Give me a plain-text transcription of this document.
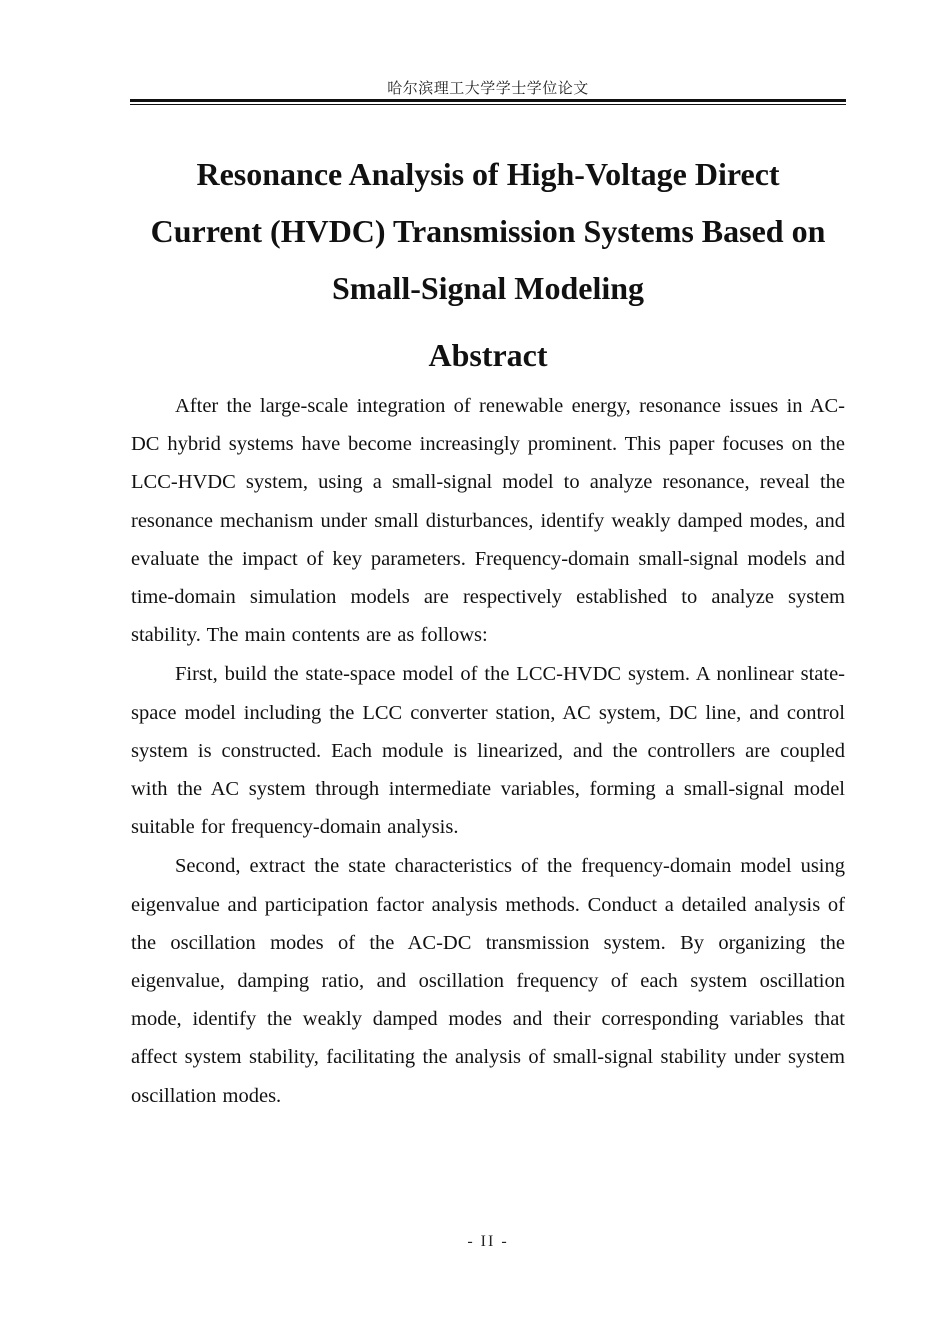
哈尔滨理工大学学士学位论文
Resonance Analysis of High-Voltage Direct
Current (HVDC) Transmission Systems Based on
Small-Signal Modeling
Abstract

After the large-scale integration of renewable energy, resonance issues in AC-DC hybrid systems have become increasingly prominent. This paper focuses on the LCC-HVDC system, using a small-signal model to analyze resonance, reveal the resonance mechanism under small disturbances, identify weakly damped modes, and evaluate the impact of key parameters. Frequency-domain small-signal models and time-domain simulation models are respectively established to analyze system stability. The main contents are as follows:

First, build the state-space model of the LCC-HVDC system. A nonlinear state-space model including the LCC converter station, AC system, DC line, and control system is constructed. Each module is linearized, and the controllers are coupled with the AC system through intermediate variables, forming a small-signal model suitable for frequency-domain analysis.

Second, extract the state characteristics of the frequency-domain model using eigenvalue and participation factor analysis methods. Conduct a detailed analysis of the oscillation modes of the AC-DC transmission system. By organizing the eigenvalue, damping ratio, and oscillation frequency of each system oscillation mode, identify the weakly damped modes and their corresponding variables that affect system stability, facilitating the analysis of small-signal stability under system oscillation modes.

- II -
